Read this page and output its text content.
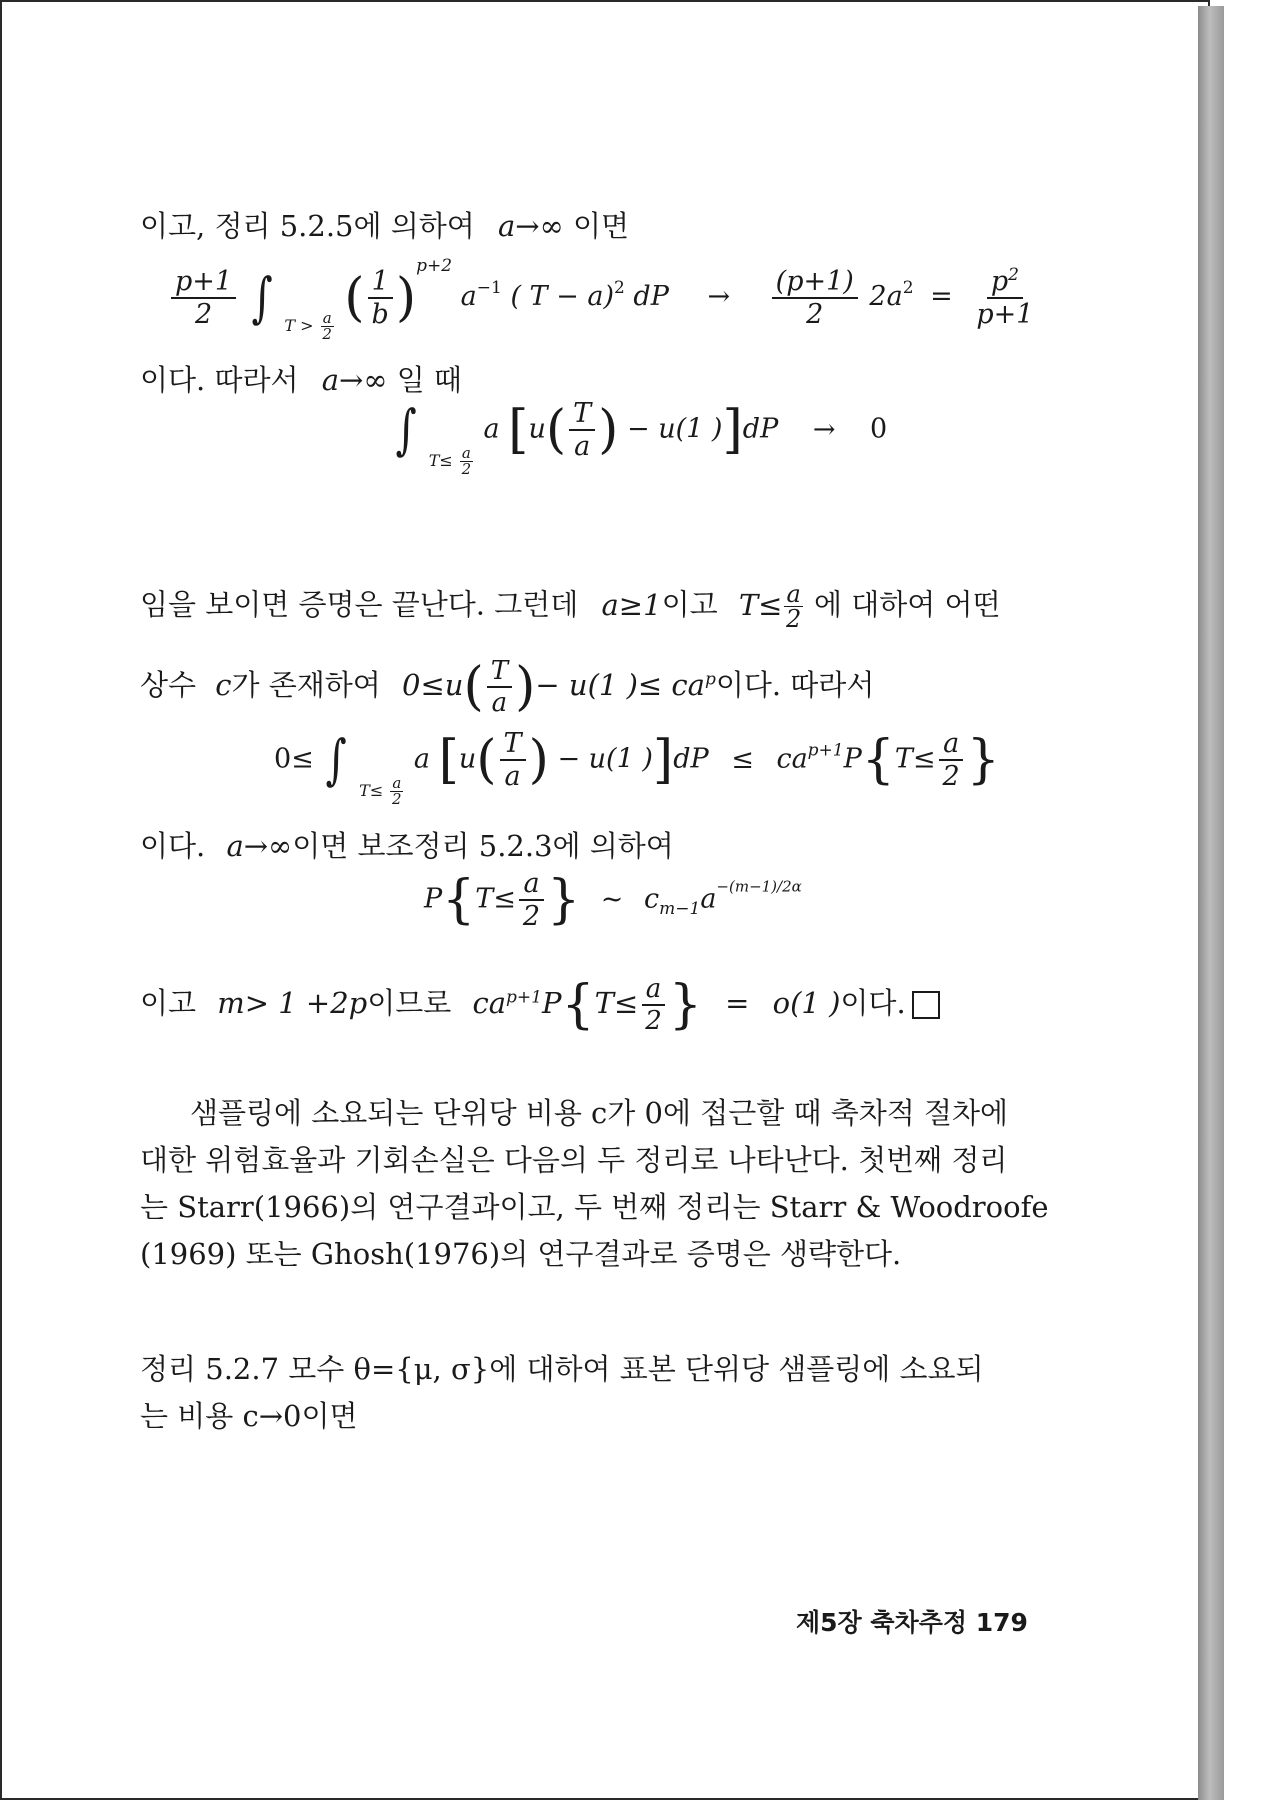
이고, 정리 5.2.5에 의하여 a→∞ 이면
$\frac{p+1}{2}$ ∫ $T > \frac{a}{2}$ ( $\frac{1}{b} )^{p+2}$ $a^{-1}$ ( T − a)$^2$ dP → $\frac{(p+1)}{2} 2a^2 = \frac{p^2}{p+1}$
이다. 따라서 a→∞ 일 때
∫ $T\le \frac{a}{2}$
a [$u( \frac{T}{a}$ ) − u(1 )]dP → 0
임을 보이면 증명은 끝난다. 그런데 a≥1이고 $T\le \frac{a}{2}$ 에 대하여 어떤
상수 c가 존재하여 $0\le u( \frac{T}{a}$ )− u(1 )≤ $ca^p$이다. 따라서
0≤ ∫ $T\le \frac{a}{2}$
a [$u( \frac{T}{a}$ ) − u(1 )]$dP \le ca^{p+1}P\{T\le \frac{a}{2}$ }
이다. a→∞이면 보조정리 5.2.3에 의하여
$P\{T\le \frac{a}{2}$ } ~ $c_{m-1}a^{-(m-1)/2\alpha}$
이고 m> 1 +2p이므로 $ca^{p+1}P\{T\le \frac{a}{2}$ } = o(1 )이다.
샘플링에 소요되는 단위당 비용 c가 0에 접근할 때 축차적 절차에
대한 위험효율과 기회손실은 다음의 두 정리로 나타난다. 첫번째 정리
는 Starr(1966)의 연구결과이고, 두 번째 정리는 Starr & Woodroofe
(1969) 또는 Ghosh(1976)의 연구결과로 증명은 생략한다.
정리 5.2.7 모수 θ={μ, σ}에 대하여 표본 단위당 샘플링에 소요되
는 비용 c→0이면
제5장 축차추정 179
